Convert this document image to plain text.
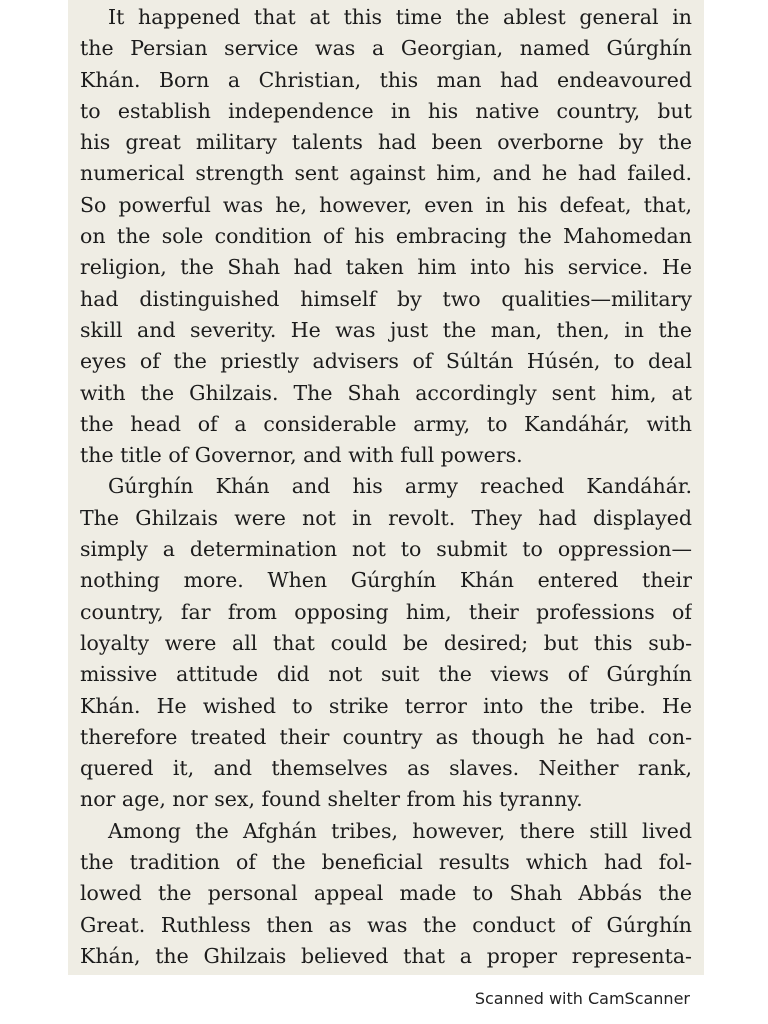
It happened that at this time the ablest general in
the Persian service was a Georgian, named Gúrghín
Khán. Born a Christian, this man had endeavoured
to establish independence in his native country, but
his great military talents had been overborne by the
numerical strength sent against him, and he had failed.
So powerful was he, however, even in his defeat, that,
on the sole condition of his embracing the Mahomedan
religion, the Shah had taken him into his service. He
had distinguished himself by two qualities—military
skill and severity. He was just the man, then, in the
eyes of the priestly advisers of Súltán Húsén, to deal
with the Ghilzais. The Shah accordingly sent him, at
the head of a considerable army, to Kandáhár, with
the title of Governor, and with full powers.
Gúrghín Khán and his army reached Kandáhár.
The Ghilzais were not in revolt. They had displayed
simply a determination not to submit to oppression—
nothing more. When Gúrghín Khán entered their
country, far from opposing him, their professions of
loyalty were all that could be desired; but this sub-
missive attitude did not suit the views of Gúrghín
Khán. He wished to strike terror into the tribe. He
therefore treated their country as though he had con-
quered it, and themselves as slaves. Neither rank,
nor age, nor sex, found shelter from his tyranny.
Among the Afghán tribes, however, there still lived
the tradition of the beneficial results which had fol-
lowed the personal appeal made to Shah Abbás the
Great. Ruthless then as was the conduct of Gúrghín
Khán, the Ghilzais believed that a proper representa-
Scanned with CamScanner
